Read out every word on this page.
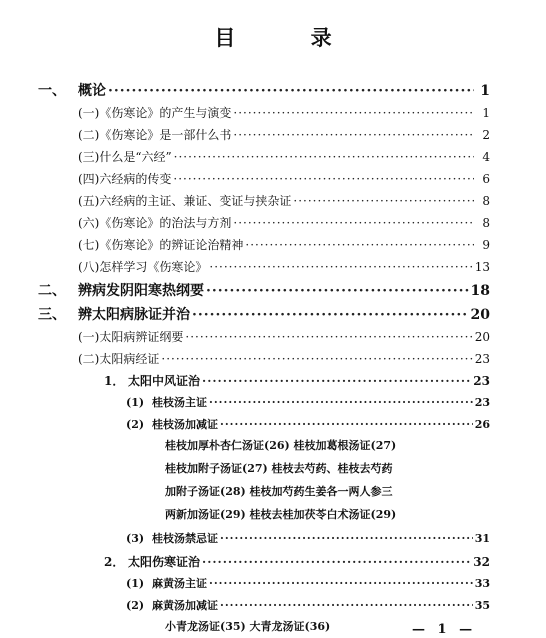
目 录
一、 概论 ·····	1
(一)《伤寒论》的产生与演变 ·····	1
(二)《伤寒论》是一部什么书 ·····	2
(三)什么是“六经” ·····	4
(四)六经病的传变 ·····	6
(五)六经病的主证、兼证、变证与挟杂证 ·····	8
(六)《伤寒论》的治法与方剂 ·····	8
(七)《伤寒论》的辨证论治精神 ·····	9
(八)怎样学习《伤寒论》 ·····	13
二、 辨病发阴阳寒热纲要 ·····	18
三、 辨太阳病脉证并治 ·····	20
(一)太阳病辨证纲要 ·····	20
(二)太阳病经证 ·····	23
1． 太阳中风证治 ·····	23
(1) 桂枝汤主证 ·····	23
(2) 桂枝汤加减证 ·····	26
桂枝加厚朴杏仁汤证(26) 桂枝加葛根汤证(27)
桂枝加附子汤证(27) 桂枝去芍药、桂枝去芍药
加附子汤证(28) 桂枝加芍药生姜各一两人参三
两新加汤证(29) 桂枝去桂加茯苓白术汤证(29)
(3) 桂枝汤禁忌证 ·····	31
2． 太阳伤寒证治 ·····	32
(1) 麻黄汤主证 ·····	33
(2) 麻黄汤加减证 ·····	35
小青龙汤证(35) 大青龙汤证(36)	— 1 —
